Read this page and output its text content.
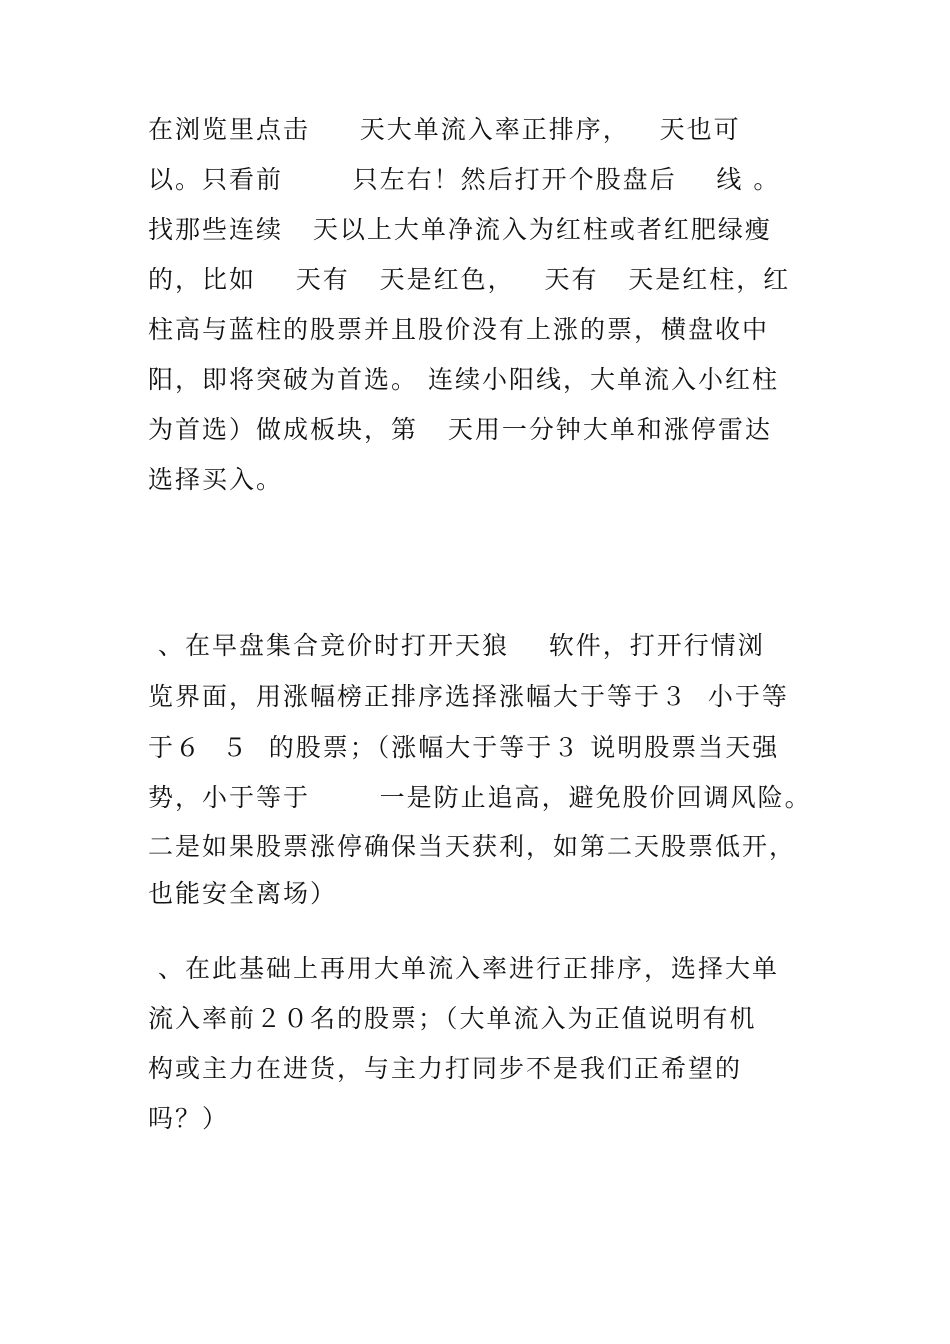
在浏览里点击     天大单流入率正排序，   天也可
以。只看前       只左右！然后打开个股盘后    线 。
找那些连续   天以上大单净流入为红柱或者红肥绿瘦
的，比如    天有   天是红色，   天有   天是红柱，红
柱高与蓝柱的股票并且股价没有上涨的票，横盘收中
阳，即将突破为首选。 连续小阳线，大单流入小红柱
为首选）做成板块，第   天用一分钟大单和涨停雷达
选择买入。
、在早盘集合竞价时打开天狼    软件，打开行情浏
览界面，用涨幅榜正排序选择涨幅大于等于３  小于等
于６  ５  的股票；（涨幅大于等于３ 说明股票当天强
势，小于等于       一是防止追高，避免股价回调风险。
二是如果股票涨停确保当天获利，如第二天股票低开，
也能安全离场）
、在此基础上再用大单流入率进行正排序，选择大单
流入率前２０名的股票；（大单流入为正值说明有机
构或主力在进货，与主力打同步不是我们正希望的
吗？）
